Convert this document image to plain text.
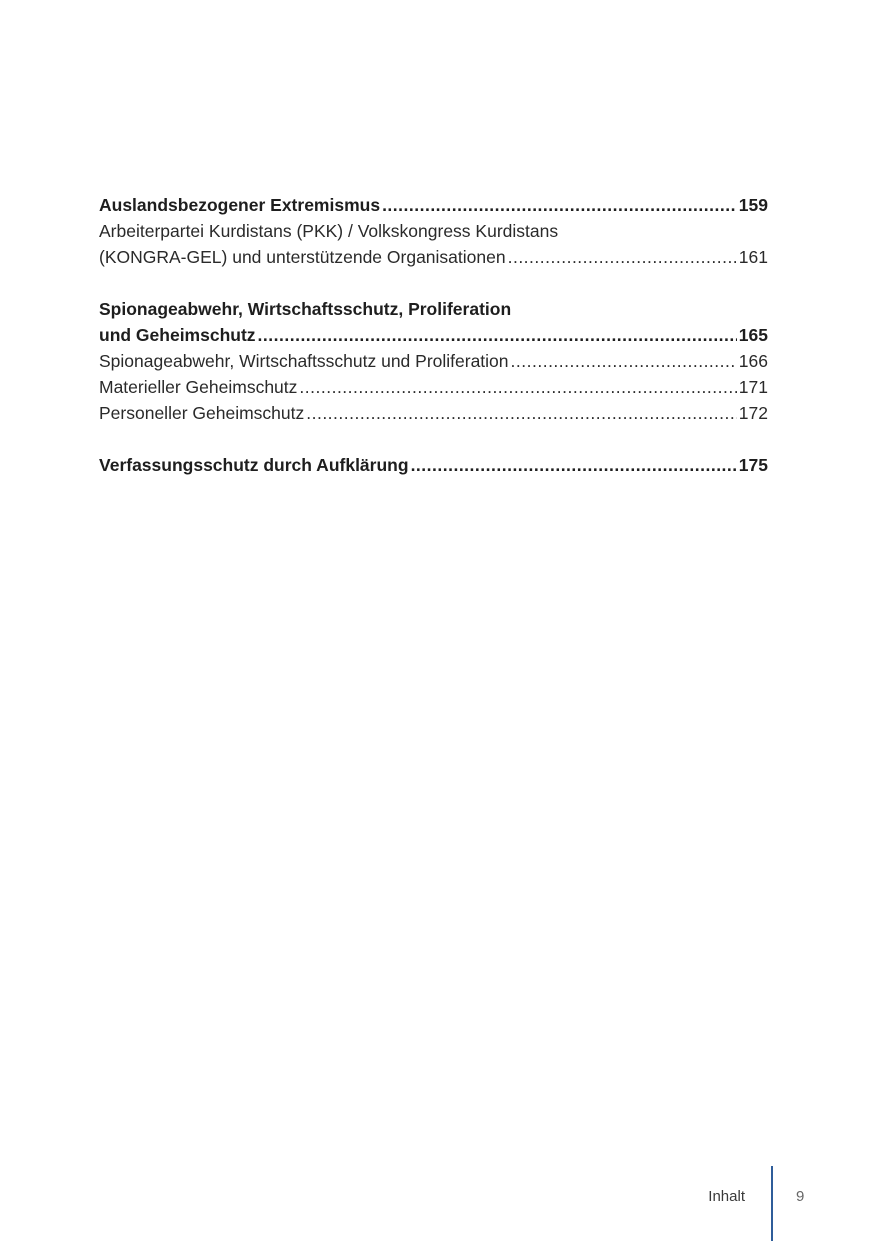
Auslandsbezogener Extremismus .....	159
Arbeiterpartei Kurdistans (PKK) / Volkskongress Kurdistans
(KONGRA-GEL) und unterstützende Organisationen .....	161
Spionageabwehr, Wirtschaftsschutz, Proliferation
und Geheimschutz .....	165
Spionageabwehr, Wirtschaftsschutz und Proliferation .....	166
Materieller Geheimschutz .....	171
Personeller Geheimschutz .....	172
Verfassungsschutz durch Aufklärung .....	175
Inhalt	9
